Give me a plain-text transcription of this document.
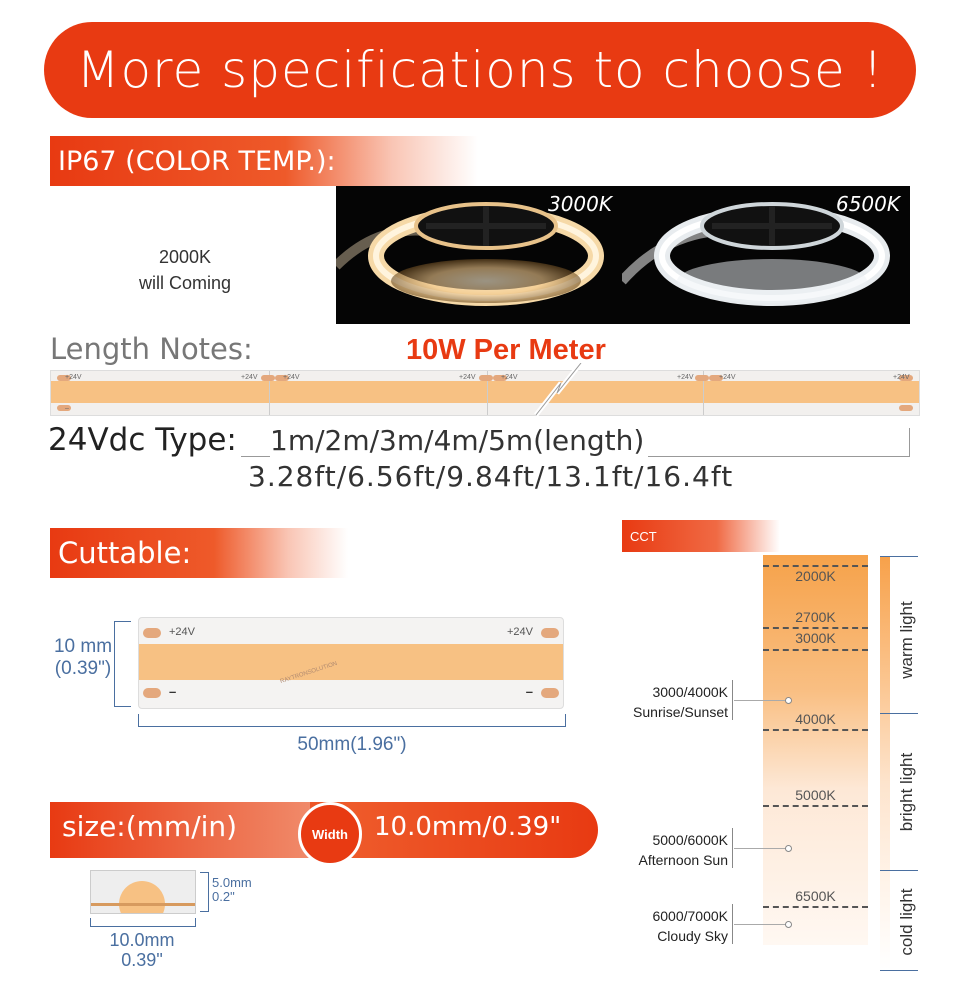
More specifications to choose !
IP67 (COLOR TEMP.):
2000K
will Coming
3000K	6500K
Length Notes:	10W Per Meter
+24V
–
+24V	+24V	+24V	+24V	+24V	+24V	+24V
24Vdc Type: 1m/2m/3m/4m/5m(length)
3.28ft/6.56ft/9.84ft/13.1ft/16.4ft
Cuttable:
10 mm
(0.39")
+24V	+24V
–	–
RAYTRONSOLUTION
50mm(1.96")
size:(mm/in)	Width 10.0mm/0.39"
5.0mm
0.2"
10.0mm
0.39"
CCT
2000K
2700K
3000K
4000K
5000K
6500K
3000/4000K
Sunrise/Sunset
5000/6000K
Afternoon Sun
6000/7000K
Cloudy Sky
warm light
bright light
cold light
